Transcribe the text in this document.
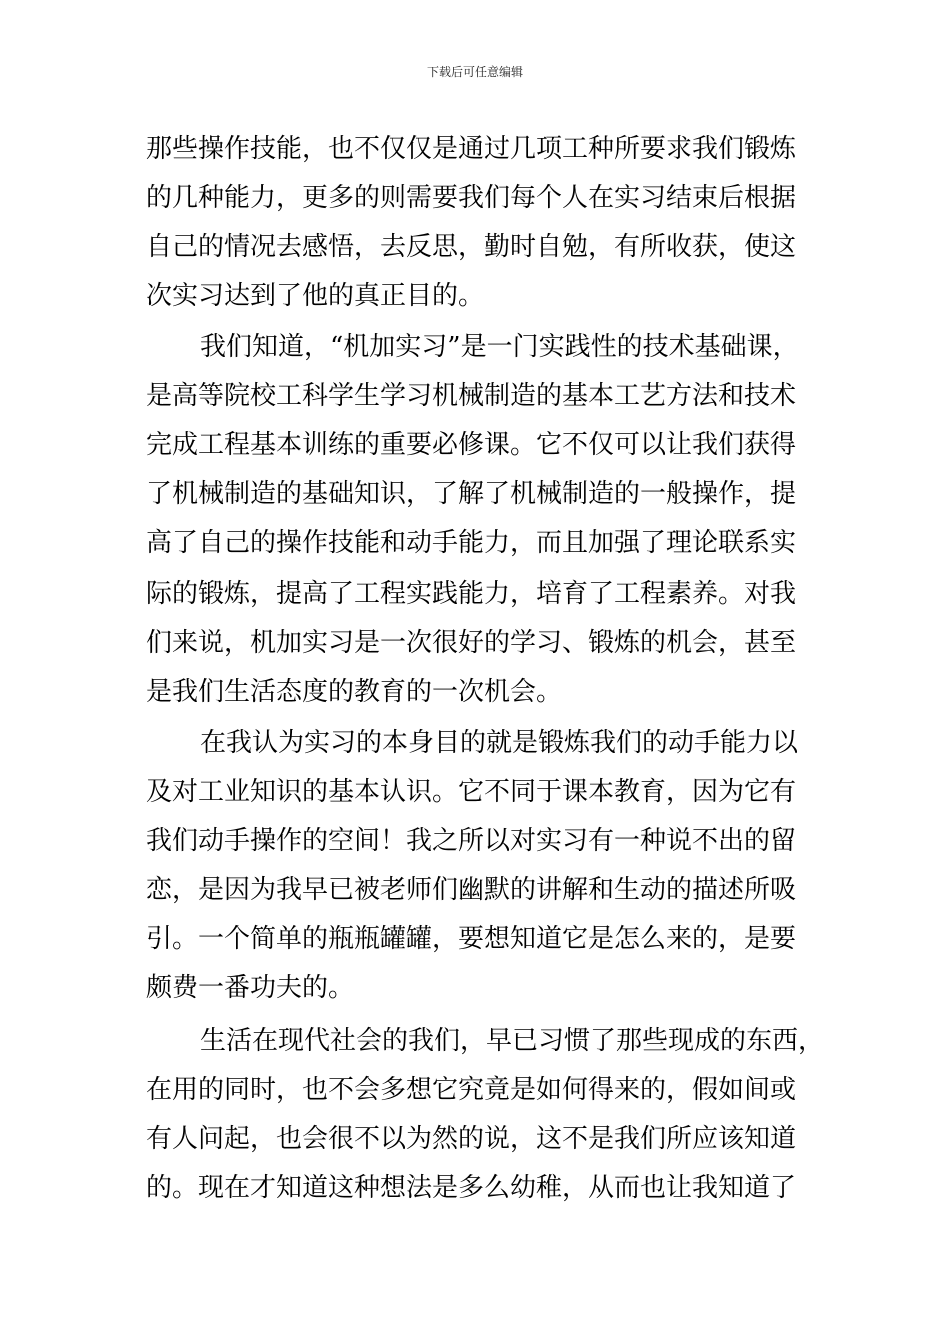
下载后可任意编辑
那些操作技能，也不仅仅是通过几项工种所要求我们锻炼
的几种能力，更多的则需要我们每个人在实习结束后根据
自己的情况去感悟，去反思，勤时自勉，有所收获，使这
次实习达到了他的真正目的。
我们知道，“机加实习”是一门实践性的技术基础课，
是高等院校工科学生学习机械制造的基本工艺方法和技术
完成工程基本训练的重要必修课。它不仅可以让我们获得
了机械制造的基础知识，了解了机械制造的一般操作，提
高了自己的操作技能和动手能力，而且加强了理论联系实
际的锻炼，提高了工程实践能力，培育了工程素养。对我
们来说，机加实习是一次很好的学习、锻炼的机会，甚至
是我们生活态度的教育的一次机会。
在我认为实习的本身目的就是锻炼我们的动手能力以
及对工业知识的基本认识。它不同于课本教育，因为它有
我们动手操作的空间！我之所以对实习有一种说不出的留
恋，是因为我早已被老师们幽默的讲解和生动的描述所吸
引。一个简单的瓶瓶罐罐，要想知道它是怎么来的，是要
颇费一番功夫的。
生活在现代社会的我们，早已习惯了那些现成的东西，
在用的同时，也不会多想它究竟是如何得来的，假如间或
有人问起，也会很不以为然的说，这不是我们所应该知道
的。现在才知道这种想法是多么幼稚，从而也让我知道了
